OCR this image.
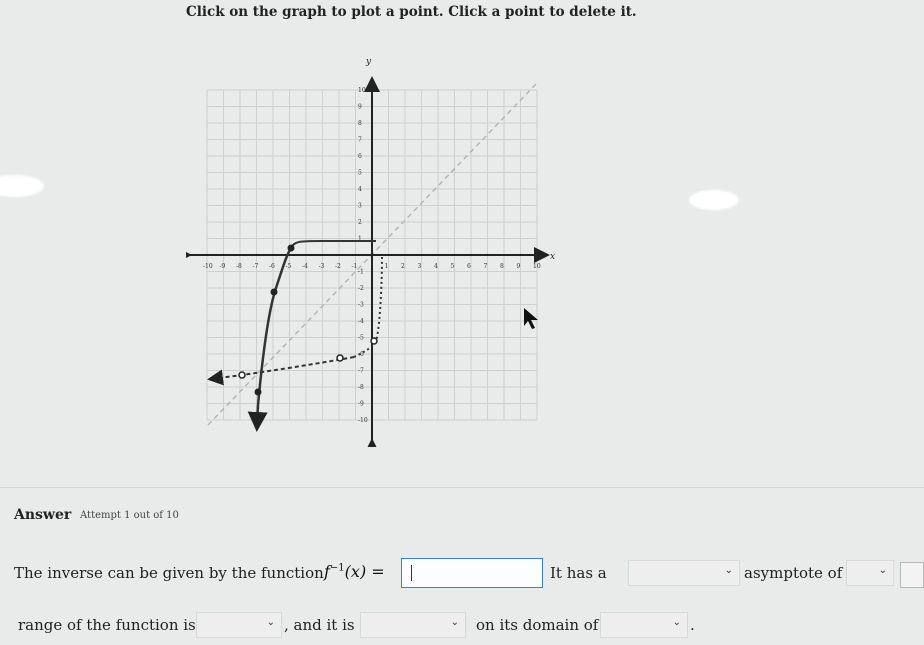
Click on the graph to plot a point. Click a point to delete it.
-10 -9 -8 -7 -6 -5 -4 -3 -2 -1	1 2 3 4 5 6 7 8 9 10
10
9
8
7
6
5
4
3
2
1
-1
-2
-3
-4
-5
-6
-7
-8
-9
-10
x
y
Answer Attempt 1 out of 10
The inverse can be given by the function $f^{-1}(x)$ =	It has a	⌄ asymptote of	⌄
range of the function is	⌄ , and it is	⌄ on its domain of	⌄ .
